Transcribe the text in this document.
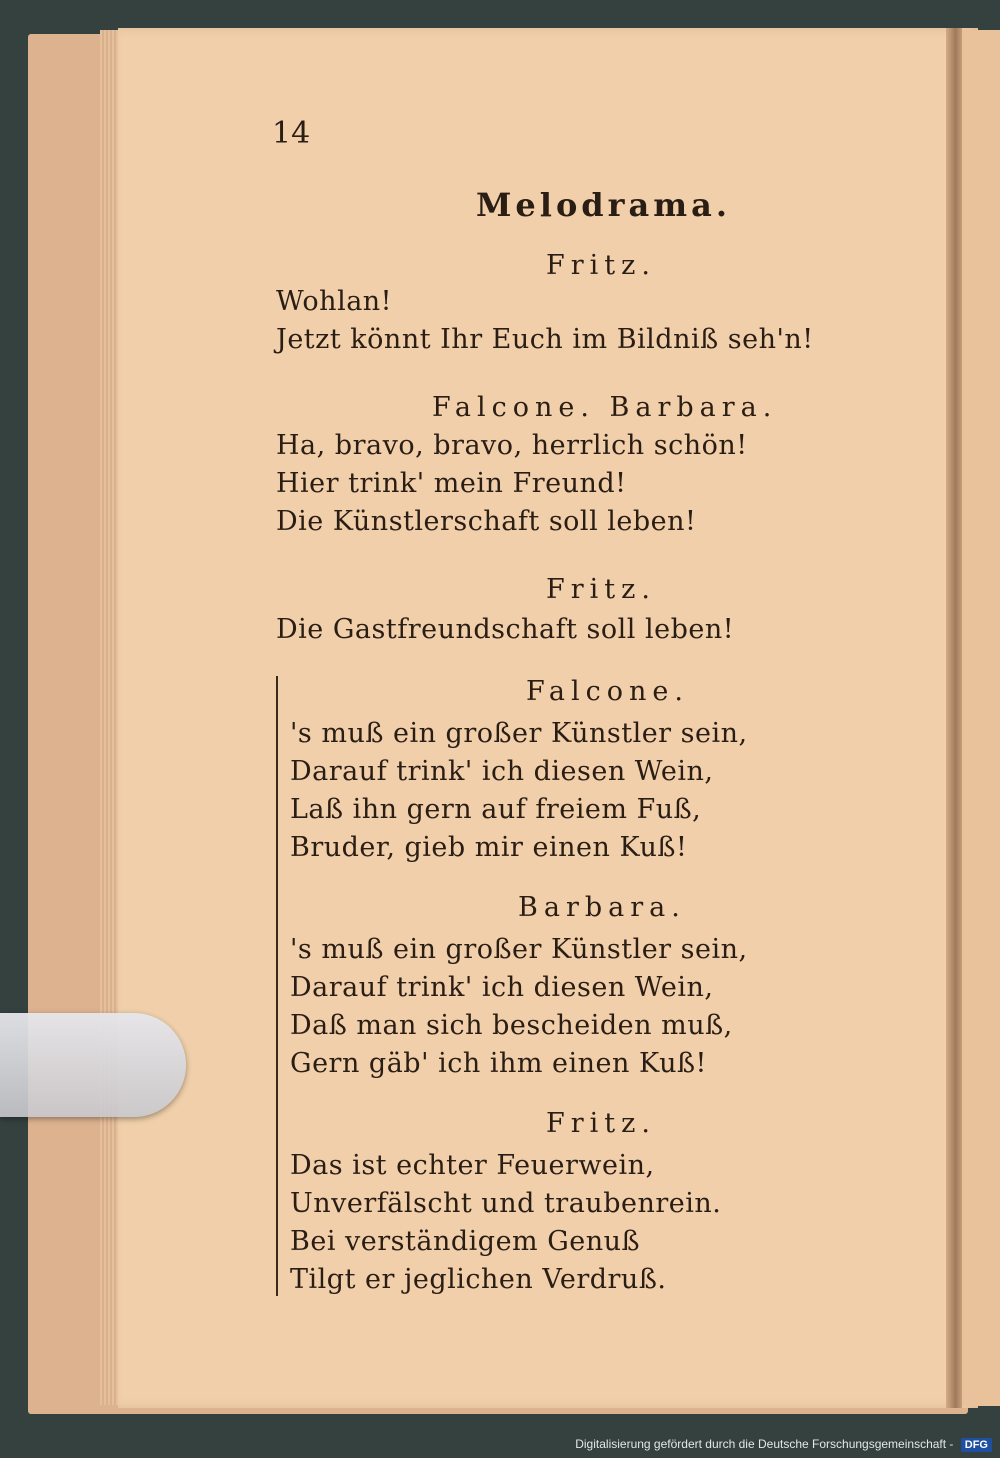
14
Melodrama.
Fritz.
Wohlan!
Jetzt könnt Ihr Euch im Bildniß seh'n!
Falcone. Barbara.
Ha, bravo, bravo, herrlich schön!
Hier trink' mein Freund!
Die Künstlerschaft soll leben!
Fritz.
Die Gastfreundschaft soll leben!
Falcone.
's muß ein großer Künstler sein,
Darauf trink' ich diesen Wein,
Laß ihn gern auf freiem Fuß,
Bruder, gieb mir einen Kuß!
Barbara.
's muß ein großer Künstler sein,
Darauf trink' ich diesen Wein,
Daß man sich bescheiden muß,
Gern gäb' ich ihm einen Kuß!
Fritz.
Das ist echter Feuerwein,
Unverfälscht und traubenrein.
Bei verständigem Genuß
Tilgt er jeglichen Verdruß.
Digitalisierung gefördert durch die Deutsche Forschungsgemeinschaft - DFG
